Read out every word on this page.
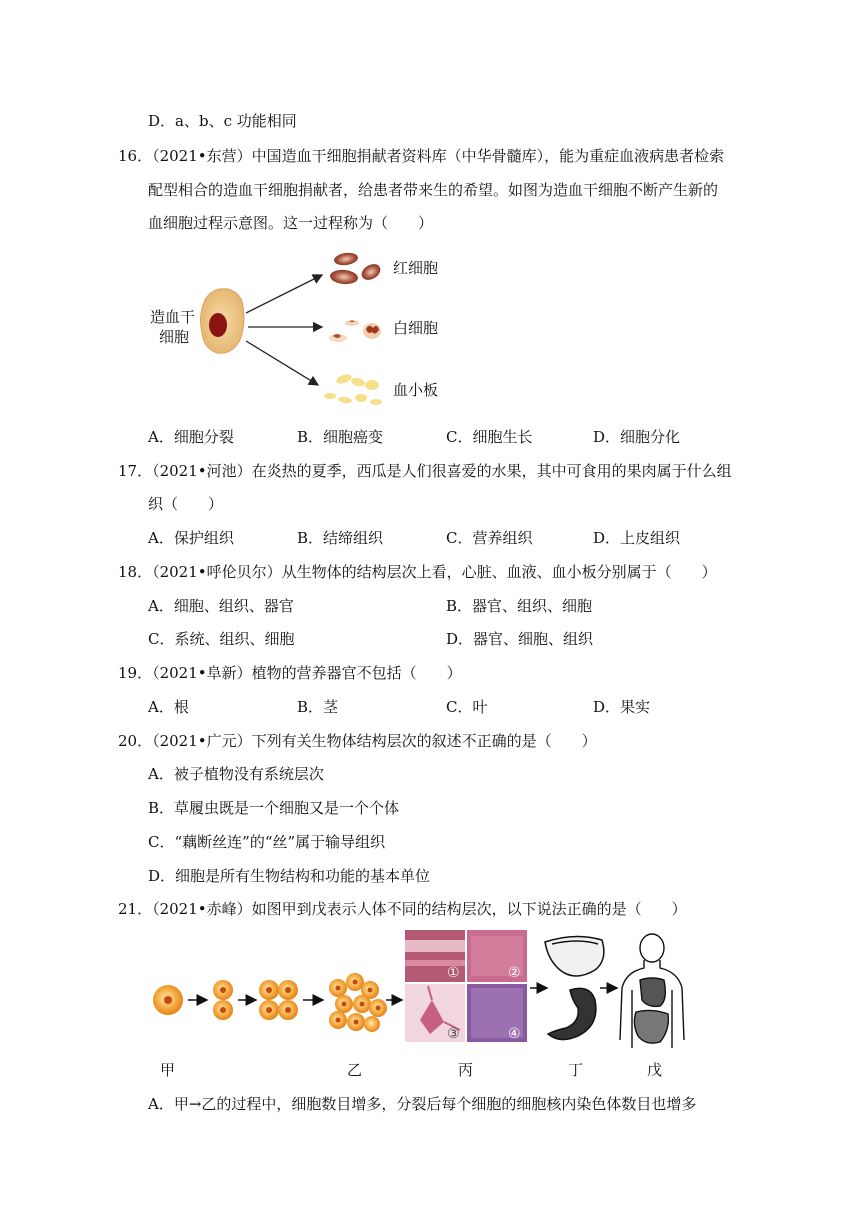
D．a、b、c 功能相同
16．（2021•东营）中国造血干细胞捐献者资料库（中华骨髓库），能为重症血液病患者检索
配型相合的造血干细胞捐献者，给患者带来生的希望。如图为造血干细胞不断产生新的
血细胞过程示意图。这一过程称为（　　）
造血干
细胞
红细胞
白细胞
血小板
A．细胞分裂	B．细胞癌变	C．细胞生长	D．细胞分化
17．（2021•河池）在炎热的夏季，西瓜是人们很喜爱的水果，其中可食用的果肉属于什么组
织（　　）
A．保护组织	B．结缔组织	C．营养组织	D．上皮组织
18．（2021•呼伦贝尔）从生物体的结构层次上看，心脏、血液、血小板分别属于（　　）
A．细胞、组织、器官	B．器官、组织、细胞
C．系统、组织、细胞	D．器官、细胞、组织
19．（2021•阜新）植物的营养器官不包括（　　）
A．根	B．茎	C．叶	D．果实
20．（2021•广元）下列有关生物体结构层次的叙述不正确的是（　　）
A．被子植物没有系统层次
B．草履虫既是一个细胞又是一个个体
C．“藕断丝连”的“丝”属于输导组织
D．细胞是所有生物结构和功能的基本单位
21．（2021•赤峰）如图甲到戊表示人体不同的结构层次，以下说法正确的是（　　）
①	②
③	④
甲	乙	丙	丁	戊
A．甲→乙的过程中，细胞数目增多，分裂后每个细胞的细胞核内染色体数目也增多
